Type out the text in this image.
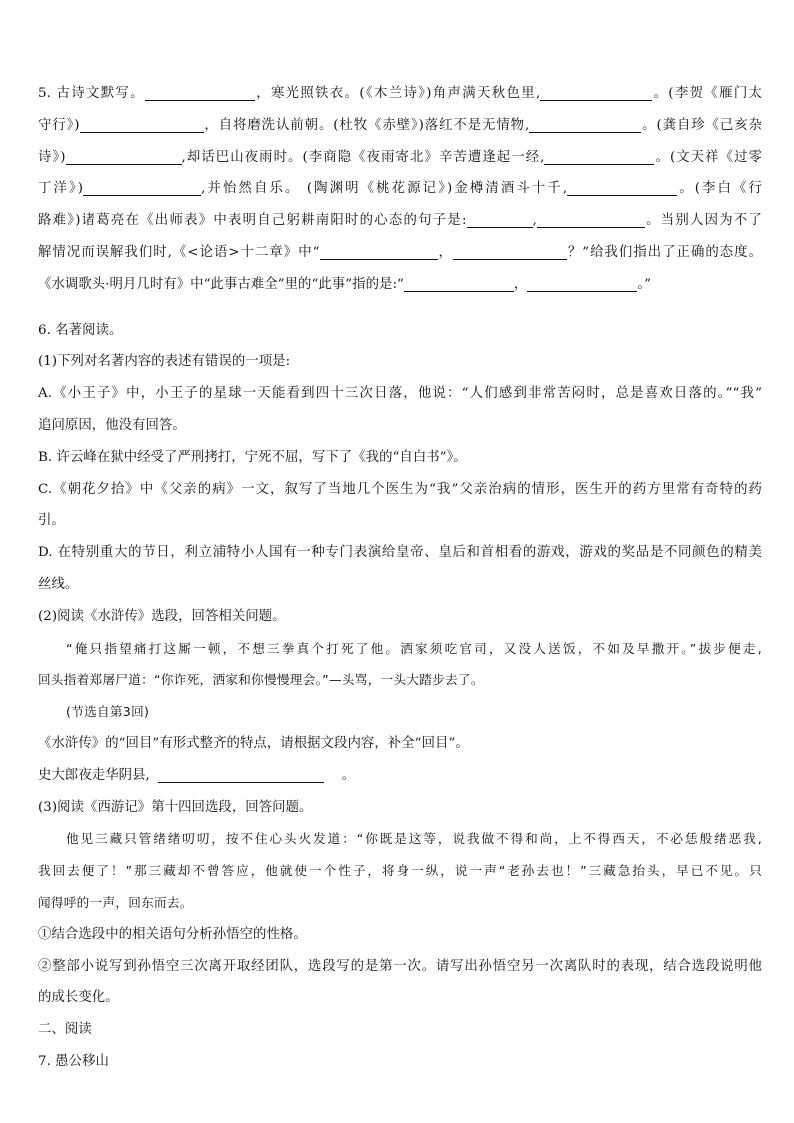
5. 古诗文默写。	，寒光照铁衣。(《木兰诗》)角声满天秋色里,	。(李贺《雁门太
守行》)	，自将磨洗认前朝。(杜牧《赤壁》)落红不是无情物,	。(龚自珍《己亥杂
诗》)	,却话巴山夜雨时。(李商隐《夜雨寄北》辛苦遭逢起一经,	。(文天祥《过零
丁洋》)	,并怡然自乐。 (陶渊明《桃花源记》)金樽清酒斗十千,	。(李白《行
路难》)诸葛亮在《出师表》中表明自己躬耕南阳时的心态的句子是:	,	。当别人因为不了
解情况而误解我们时,《<论语>十二章》中“	，	？”给我们指出了正确的态度。
《水调歌头·明月几时有》中“此事古难全”里的“此事”指的是:“	，	。”
6. 名著阅读。
(1)下列对名著内容的表述有错误的一项是:
A.《小王子》中，小王子的星球一天能看到四十三次日落，他说：“人们感到非常苦闷时，总是喜欢日落的。”“我”
追问原因，他没有回答。
B. 许云峰在狱中经受了严刑拷打，宁死不屈，写下了《我的“自白书”》。
C.《朝花夕拾》中《父亲的病》一文，叙写了当地几个医生为“我”父亲治病的情形，医生开的药方里常有奇特的药
引。
D. 在特别重大的节日，利立浦特小人国有一种专门表演给皇帝、皇后和首相看的游戏，游戏的奖品是不同颜色的精美
丝线。
(2)阅读《水浒传》选段，回答相关问题。
“俺只指望痛打这厮一顿，不想三拳真个打死了他。洒家须吃官司，又没人送饭，不如及早撒开。”拔步便走,
回头指着郑屠尸道：“你诈死，洒家和你慢慢理会。”—头骂，一头大踏步去了。
(节选自第3回)
《水浒传》的“回目”有形式整齐的特点，请根据文段内容，补全“回目”。
史大郎夜走华阴县,	。
(3)阅读《西游记》第十四回选段，回答问题。
他见三藏只管绪绪叨叨，按不住心头火发道：“你既是这等，说我做不得和尚，上不得西天，不必恁般绪恶我,
我回去便了！”那三藏却不曾答应，他就使一个性子，将身一纵，说一声“老孙去也！”三藏急抬头，早已不见。只
闻得呼的一声，回东而去。
①结合选段中的相关语句分析孙悟空的性格。
②整部小说写到孙悟空三次离开取经团队，选段写的是第一次。请写出孙悟空另一次离队时的表现，结合选段说明他
的成长变化。
二、阅读
7. 愚公移山
